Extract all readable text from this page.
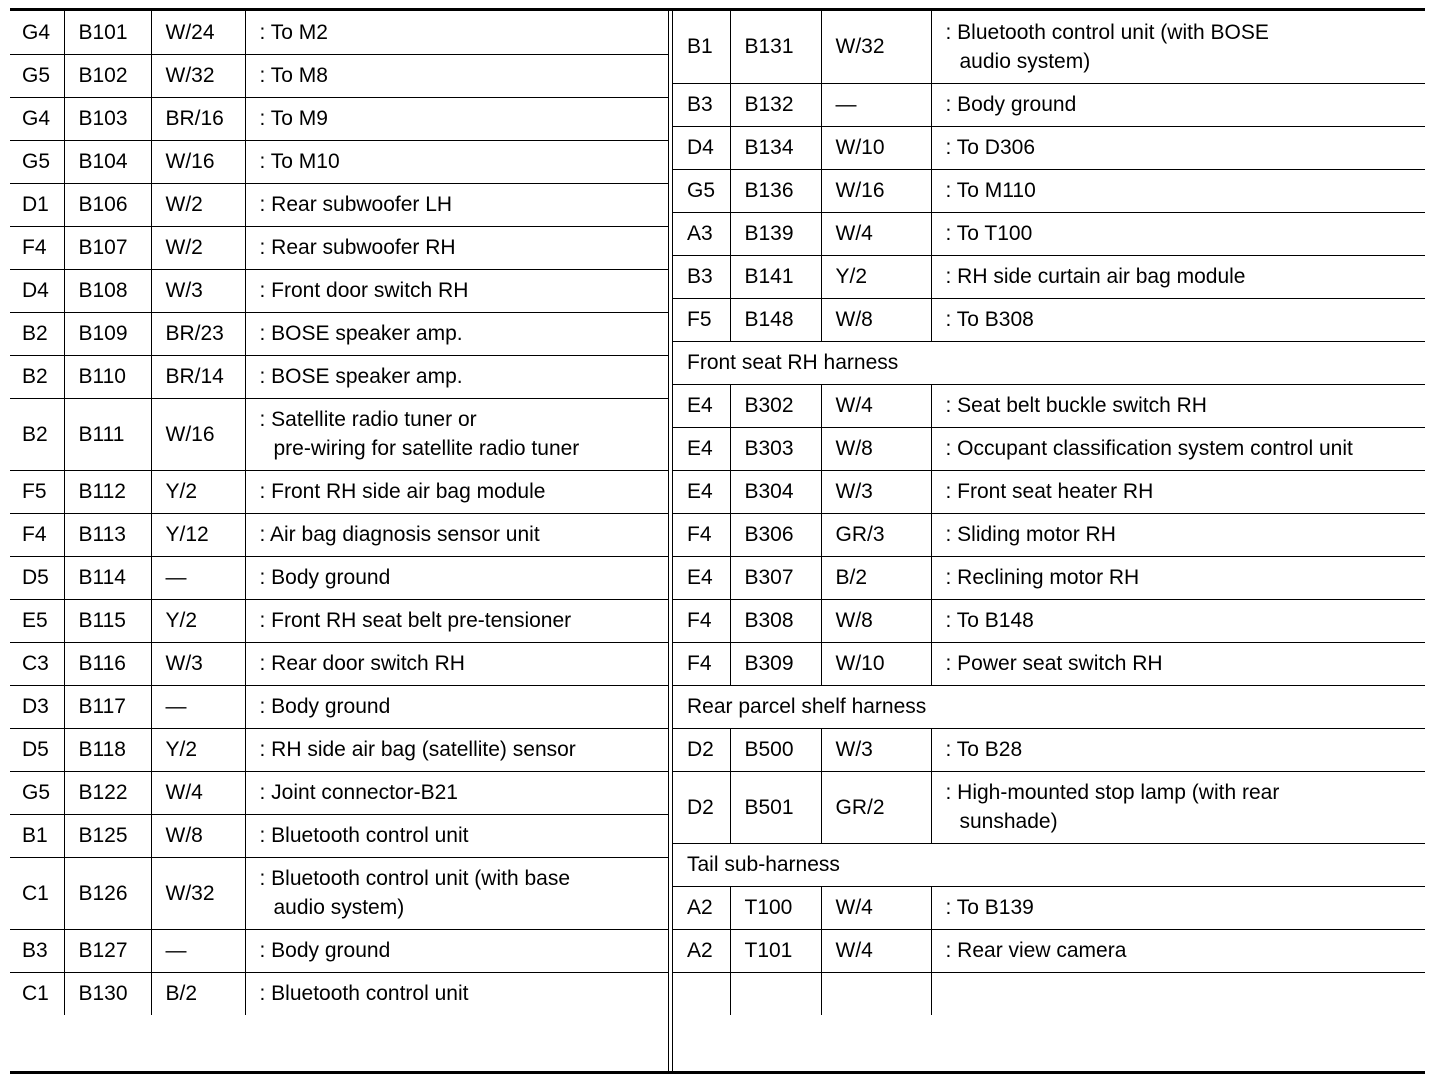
G4	B101	W/24	: To M2
G5	B102	W/32	: To M8
G4	B103	BR/16	: To M9
G5	B104	W/16	: To M10
D1	B106	W/2	: Rear subwoofer LH
F4	B107	W/2	: Rear subwoofer RH
D4	B108	W/3	: Front door switch RH
B2	B109	BR/23	: BOSE speaker amp.
B2	B110	BR/14	: BOSE speaker amp.
B2	B111	W/16	: Satellite radio tuner or
pre-wiring for satellite radio tuner

F5	B112	Y/2	: Front RH side air bag module
F4	B113	Y/12	: Air bag diagnosis sensor unit
D5	B114	—	: Body ground
E5	B115	Y/2	: Front RH seat belt pre-tensioner
C3	B116	W/3	: Rear door switch RH
D3	B117	—	: Body ground
D5	B118	Y/2	: RH side air bag (satellite) sensor
G5	B122	W/4	: Joint connector-B21
B1	B125	W/8	: Bluetooth control unit
C1	B126	W/32	: Bluetooth control unit (with base
audio system)

B3	B127	—	: Body ground
C1	B130	B/2	: Bluetooth control unit
B1	B131	W/32	: Bluetooth control unit (with BOSE
audio system)

B3	B132	—	: Body ground
D4	B134	W/10	: To D306
G5	B136	W/16	: To M110
A3	B139	W/4	: To T100
B3	B141	Y/2	: RH side curtain air bag module
F5	B148	W/8	: To B308
Front seat RH harness			
E4	B302	W/4	: Seat belt buckle switch RH
E4	B303	W/8	: Occupant classification system control unit
E4	B304	W/3	: Front seat heater RH
F4	B306	GR/3	: Sliding motor RH
E4	B307	B/2	: Reclining motor RH
F4	B308	W/8	: To B148
F4	B309	W/10	: Power seat switch RH
Rear parcel shelf harness			
D2	B500	W/3	: To B28
D2	B501	GR/2	: High-mounted stop lamp (with rear
sunshade)

Tail sub-harness			
A2	T100	W/4	: To B139
A2	T101	W/4	: Rear view camera
